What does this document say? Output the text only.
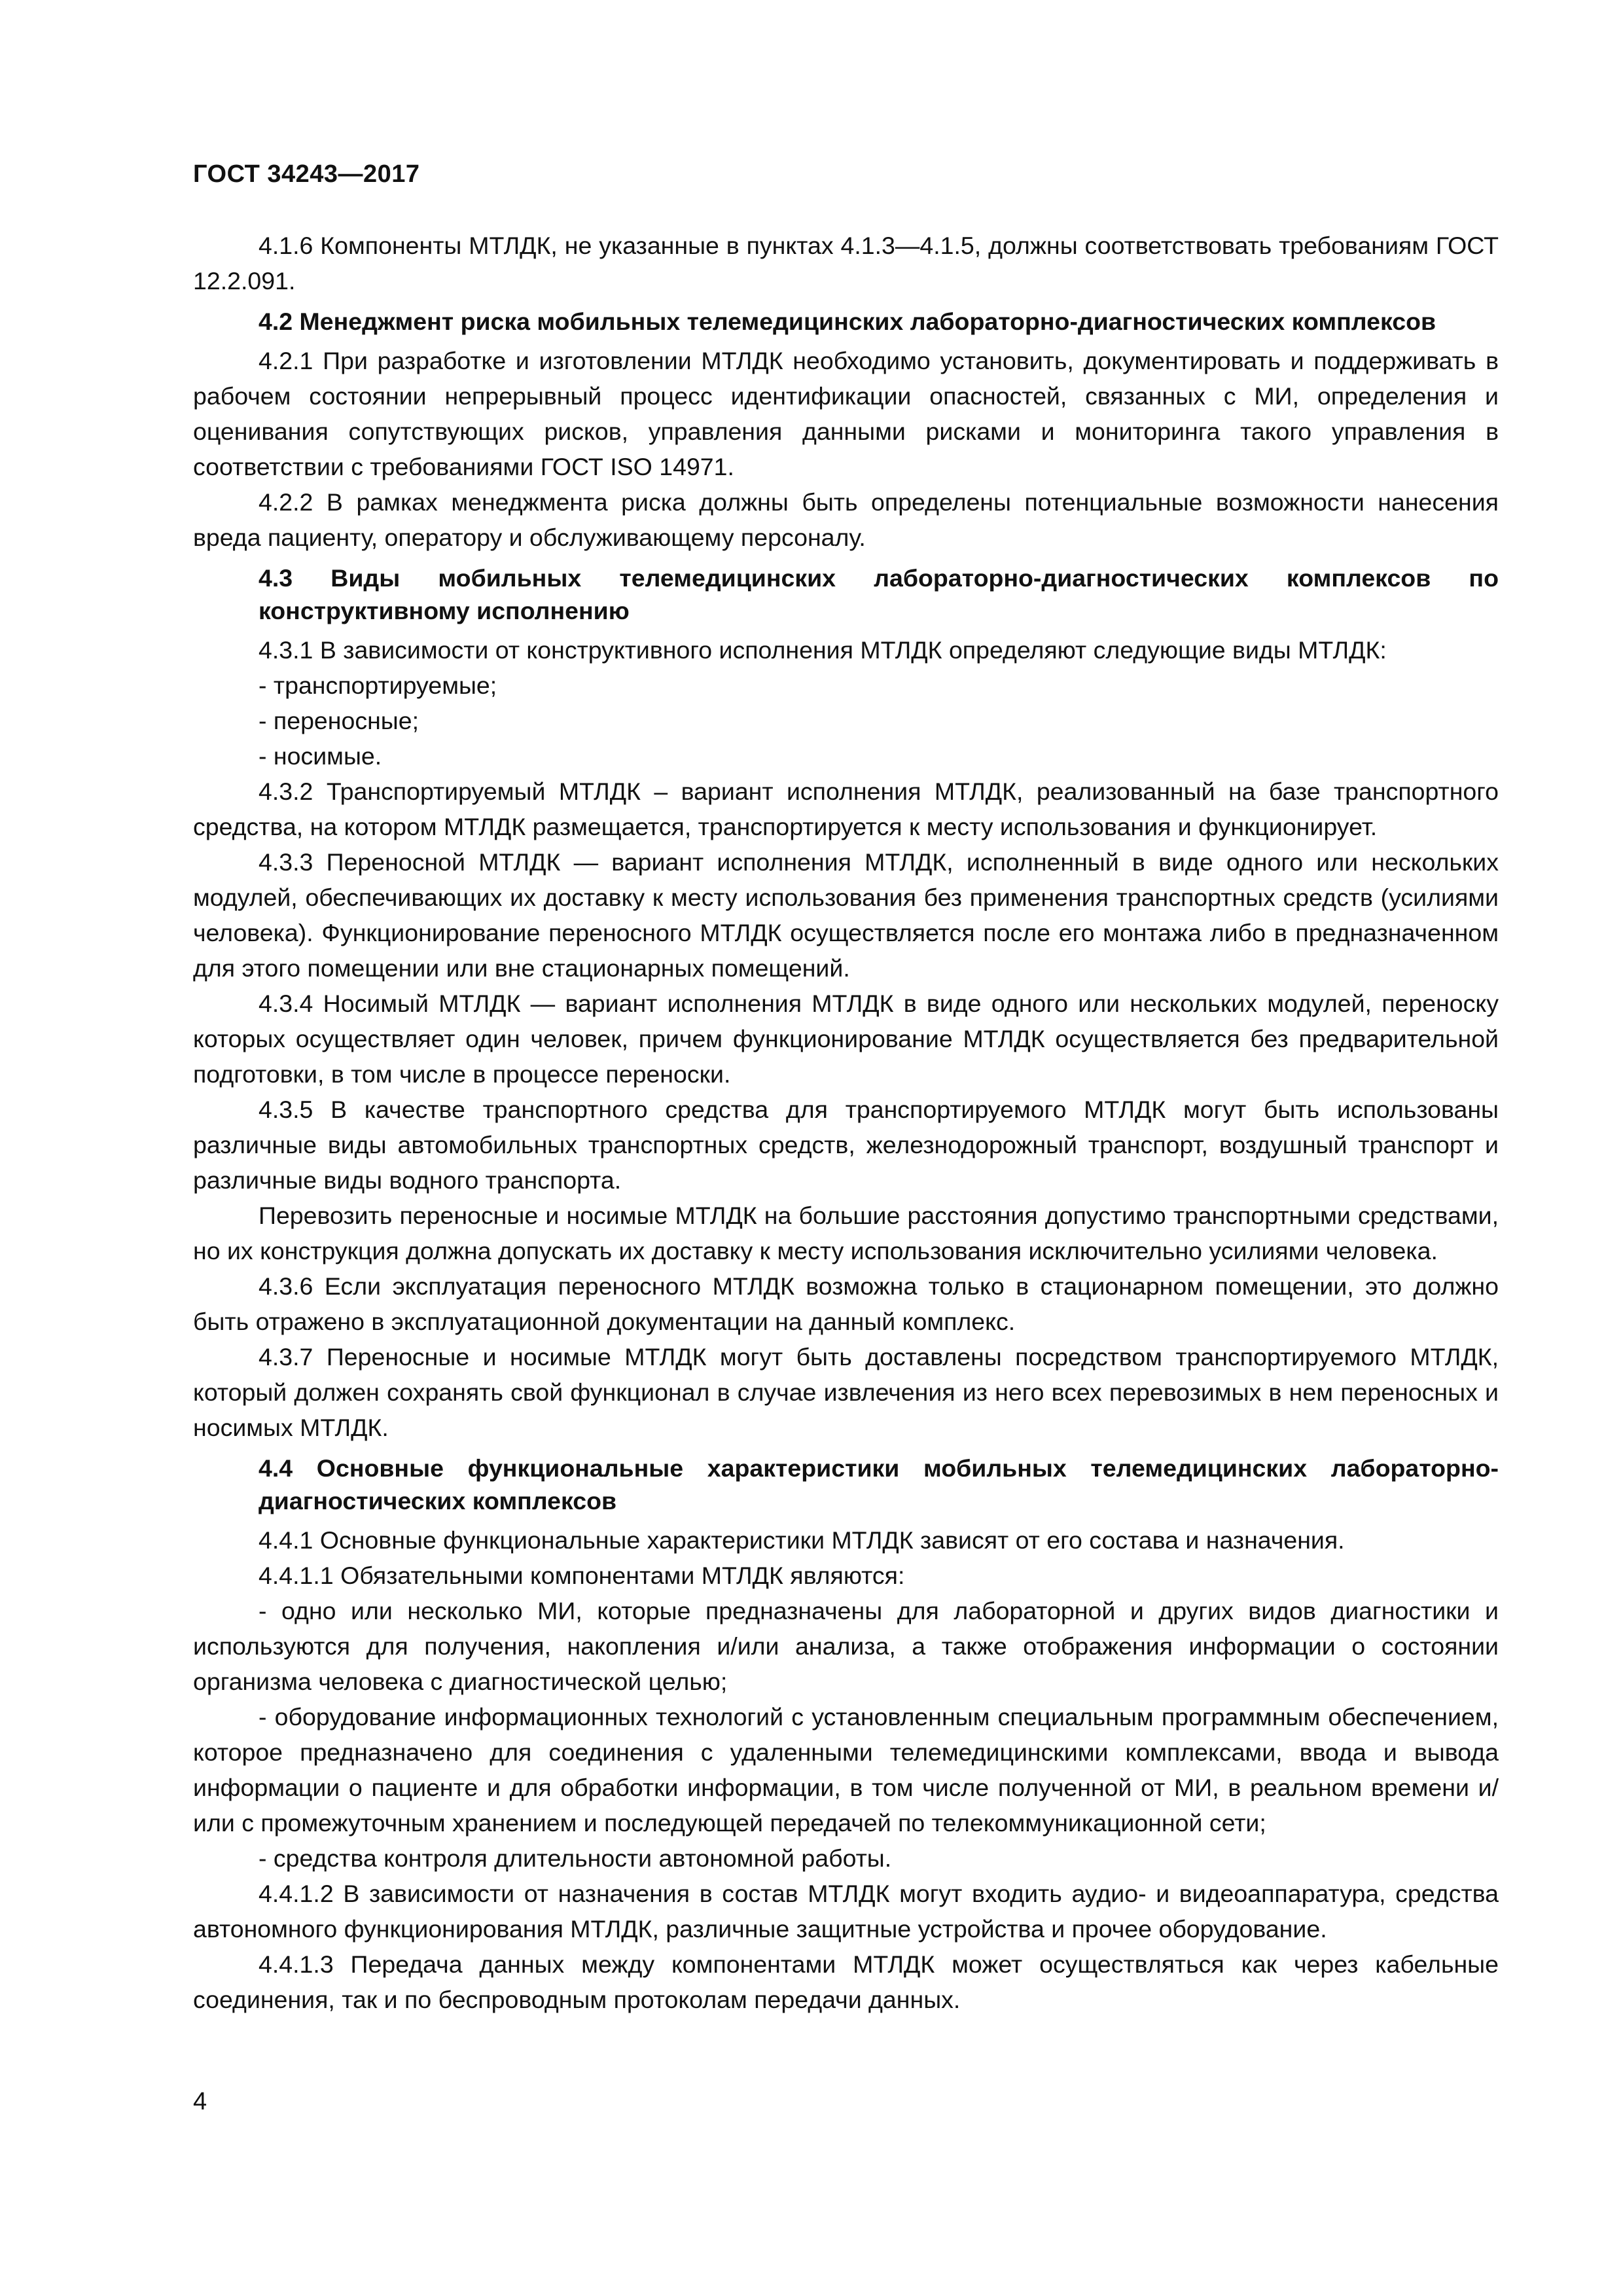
ГОСТ 34243—2017

4.1.6 Компоненты МТЛДК, не указанные в пунктах 4.1.3—4.1.5, должны соответствовать требованиям ГОСТ 12.2.091.

4.2 Менеджмент риска мобильных телемедицинских лабораторно-диагностических комплексов

4.2.1 При разработке и изготовлении МТЛДК необходимо установить, документировать и поддерживать в рабочем состоянии непрерывный процесс идентификации опасностей, связанных с МИ, определения и оценивания сопутствующих рисков, управления данными рисками и мониторинга такого управления в соответствии с требованиями ГОСТ ISO 14971.

4.2.2 В рамках менеджмента риска должны быть определены потенциальные возможности нанесения вреда пациенту, оператору и обслуживающему персоналу.

4.3 Виды мобильных телемедицинских лабораторно-диагностических комплексов по конструктивному исполнению

4.3.1 В зависимости от конструктивного исполнения МТЛДК определяют следующие виды МТЛДК:

- транспортируемые;

- переносные;

- носимые.

4.3.2 Транспортируемый МТЛДК – вариант исполнения МТЛДК, реализованный на базе транспортного средства, на котором МТЛДК размещается, транспортируется к месту использования и функционирует.

4.3.3 Переносной МТЛДК — вариант исполнения МТЛДК, исполненный в виде одного или нескольких модулей, обеспечивающих их доставку к месту использования без применения транспортных средств (усилиями человека). Функционирование переносного МТЛДК осуществляется после его монтажа либо в предназначенном для этого помещении или вне стационарных помещений.

4.3.4 Носимый МТЛДК — вариант исполнения МТЛДК в виде одного или нескольких модулей, переноску которых осуществляет один человек, причем функционирование МТЛДК осуществляется без предварительной подготовки, в том числе в процессе переноски.

4.3.5 В качестве транспортного средства для транспортируемого МТЛДК могут быть использованы различные виды автомобильных транспортных средств, железнодорожный транспорт, воздушный транспорт и различные виды водного транспорта.

Перевозить переносные и носимые МТЛДК на большие расстояния допустимо транспортными средствами, но их конструкция должна допускать их доставку к месту использования исключительно усилиями человека.

4.3.6 Если эксплуатация переносного МТЛДК возможна только в стационарном помещении, это должно быть отражено в эксплуатационной документации на данный комплекс.

4.3.7 Переносные и носимые МТЛДК могут быть доставлены посредством транспортируемого МТЛДК, который должен сохранять свой функционал в случае извлечения из него всех перевозимых в нем переносных и носимых МТЛДК.

4.4 Основные функциональные характеристики мобильных телемедицинских лабораторно-диагностических комплексов

4.4.1 Основные функциональные характеристики МТЛДК зависят от его состава и назначения.

4.4.1.1 Обязательными компонентами МТЛДК являются:

- одно или несколько МИ, которые предназначены для лабораторной и других видов диагностики и используются для получения, накопления и/или анализа, а также отображения информации о состоянии организма человека с диагностической целью;

- оборудование информационных технологий с установленным специальным программным обеспечением, которое предназначено для соединения с удаленными телемедицинскими комплексами, ввода и вывода информации о пациенте и для обработки информации, в том числе полученной от МИ, в реальном времени и/или с промежуточным хранением и последующей передачей по телекоммуникационной сети;

- средства контроля длительности автономной работы.

4.4.1.2 В зависимости от назначения в состав МТЛДК могут входить аудио- и видеоаппаратура, средства автономного функционирования МТЛДК, различные защитные устройства и прочее оборудование.

4.4.1.3 Передача данных между компонентами МТЛДК может осуществляться как через кабельные соединения, так и по беспроводным протоколам передачи данных.

4
